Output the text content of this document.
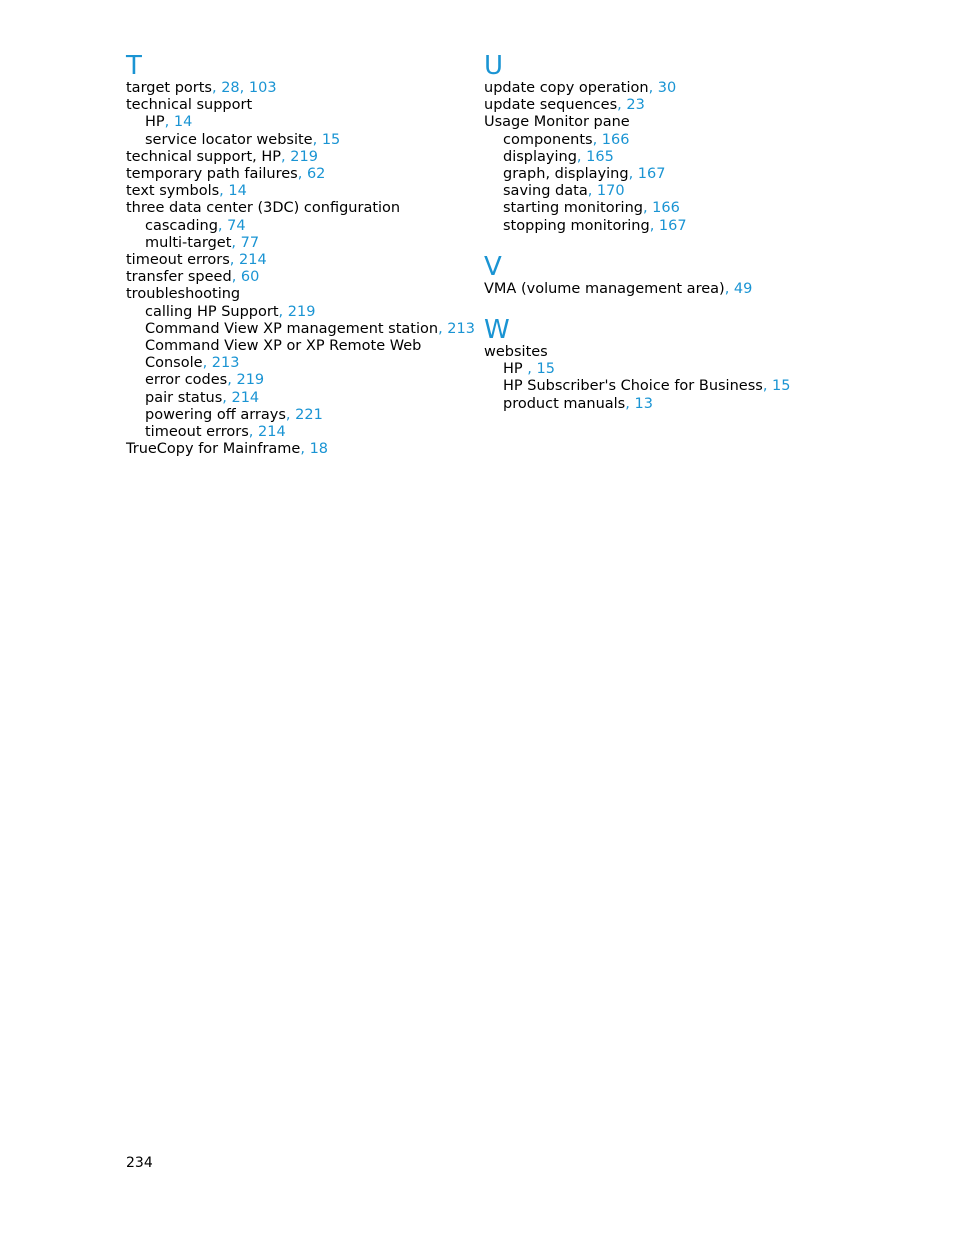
T
target ports, 28, 103
technical support
HP, 14
service locator website, 15
technical support, HP, 219
temporary path failures, 62
text symbols, 14
three data center (3DC) configuration
cascading, 74
multi-target, 77
timeout errors, 214
transfer speed, 60
troubleshooting
calling HP Support, 219
Command View XP management station, 213
Command View XP or XP Remote Web
Console, 213
error codes, 219
pair status, 214
powering off arrays, 221
timeout errors, 214
TrueCopy for Mainframe, 18
U
update copy operation, 30
update sequences, 23
Usage Monitor pane
components, 166
displaying, 165
graph, displaying, 167
saving data, 170
starting monitoring, 166
stopping monitoring, 167
V
VMA (volume management area), 49
W
websites
HP , 15
HP Subscriber's Choice for Business, 15
product manuals, 13
234
